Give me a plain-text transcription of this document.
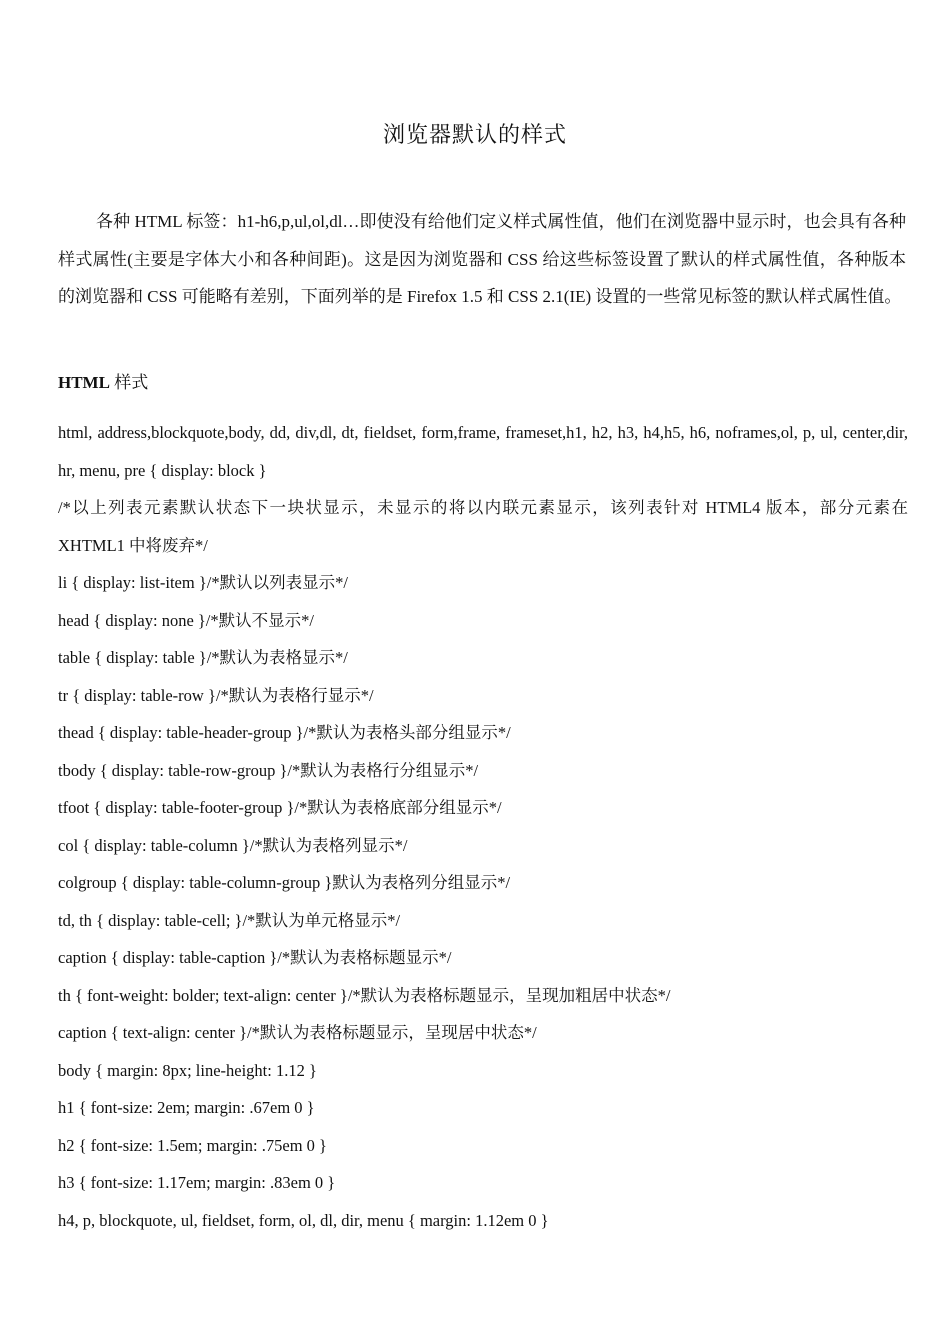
浏览器默认的样式

各种 HTML 标签：h1-h6,p,ul,ol,dl…即使没有给他们定义样式属性值，他们在浏览器中显示时，也会具有各种样式属性(主要是字体大小和各种间距)。这是因为浏览器和 CSS 给这些标签设置了默认的样式属性值，各种版本的浏览器和 CSS 可能略有差别，下面列举的是 Firefox 1.5 和 CSS 2.1(IE) 设置的一些常见标签的默认样式属性值。

HTML 样式
html, address,blockquote,body, dd, div,dl, dt, fieldset, form,frame, frameset,h1, h2, h3, h4,h5, h6, noframes,ol, p, ul, center,dir, hr, menu, pre { display: block }
/*以上列表元素默认状态下一块状显示，未显示的将以内联元素显示，该列表针对 HTML4 版本，部分元素在 XHTML1 中将废弃*/
li { display: list-item }/*默认以列表显示*/
head { display: none }/*默认不显示*/
table { display: table }/*默认为表格显示*/
tr { display: table-row }/*默认为表格行显示*/
thead { display: table-header-group }/*默认为表格头部分组显示*/
tbody { display: table-row-group }/*默认为表格行分组显示*/
tfoot { display: table-footer-group }/*默认为表格底部分组显示*/
col { display: table-column }/*默认为表格列显示*/
colgroup { display: table-column-group }默认为表格列分组显示*/
td, th { display: table-cell; }/*默认为单元格显示*/
caption { display: table-caption }/*默认为表格标题显示*/
th { font-weight: bolder; text-align: center }/*默认为表格标题显示，呈现加粗居中状态*/
caption { text-align: center }/*默认为表格标题显示，呈现居中状态*/
body { margin: 8px; line-height: 1.12 }
h1 { font-size: 2em; margin: .67em 0 }
h2 { font-size: 1.5em; margin: .75em 0 }
h3 { font-size: 1.17em; margin: .83em 0 }
h4, p, blockquote, ul, fieldset, form, ol, dl, dir, menu { margin: 1.12em 0 }
